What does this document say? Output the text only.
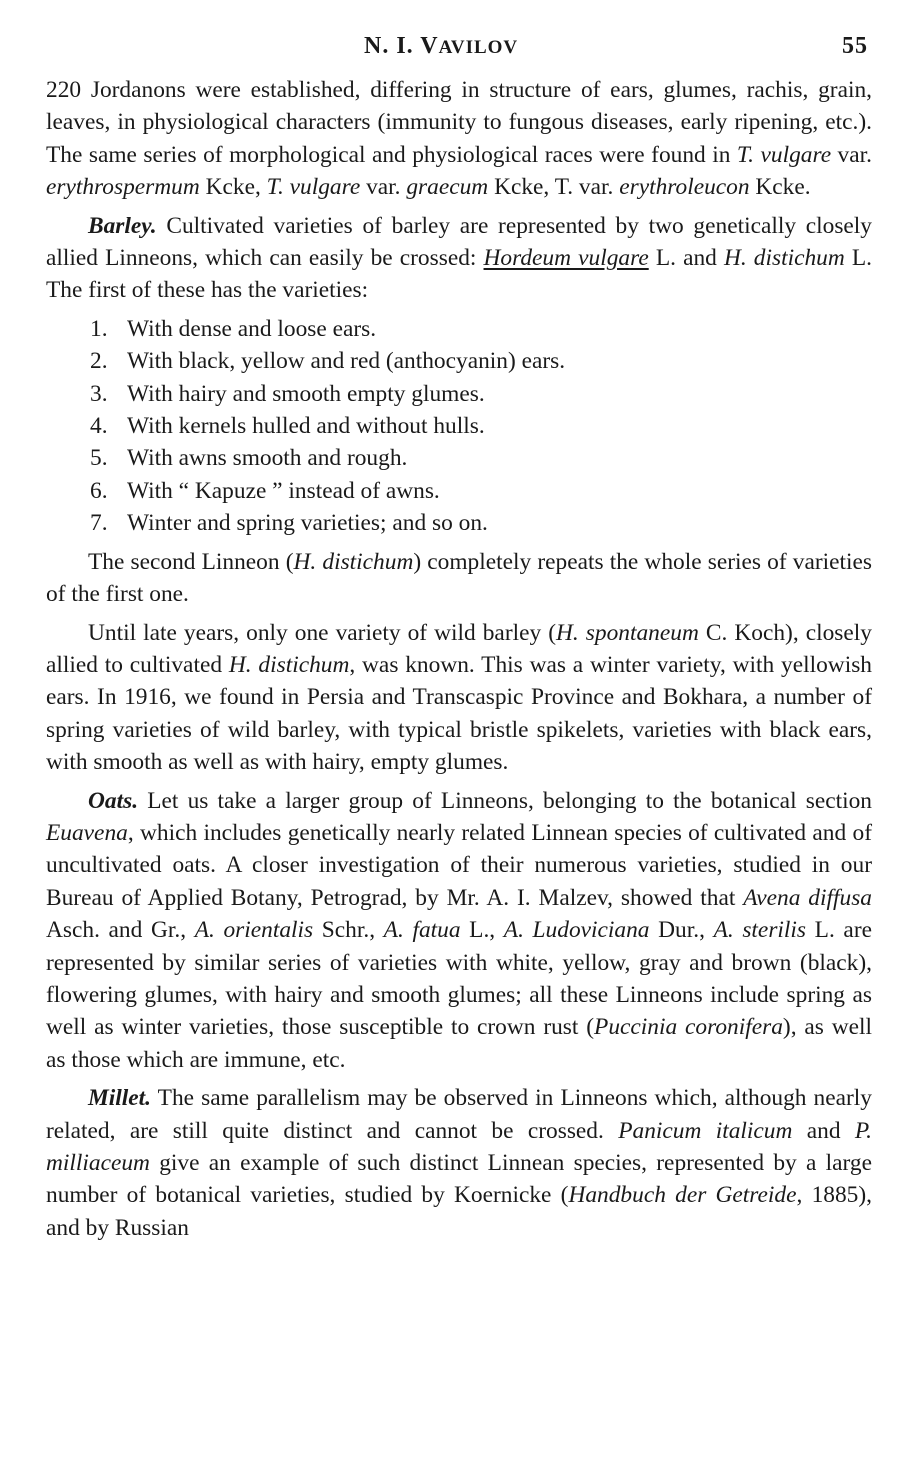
N. I. VAVILOV	55

220 Jordanons were established, differing in structure of ears, glumes, rachis, grain, leaves, in physiological characters (immunity to fungous diseases, early ripening, etc.). The same series of morphological and physiological races were found in T. vulgare var. erythrospermum Kcke, T. vulgare var. graecum Kcke, T. var. erythroleucon Kcke.

Barley. Cultivated varieties of barley are represented by two genetically closely allied Linneons, which can easily be crossed: Hordeum vulgare L. and H. distichum L. The first of these has the varieties:

1. With dense and loose ears.
2. With black, yellow and red (anthocyanin) ears.
3. With hairy and smooth empty glumes.
4. With kernels hulled and without hulls.
5. With awns smooth and rough.
6. With “ Kapuze ” instead of awns.
7. Winter and spring varieties; and so on.

The second Linneon (H. distichum) completely repeats the whole series of varieties of the first one.

Until late years, only one variety of wild barley (H. spontaneum C. Koch), closely allied to cultivated H. distichum, was known. This was a winter variety, with yellowish ears. In 1916, we found in Persia and Transcaspic Province and Bokhara, a number of spring varieties of wild barley, with typical bristle spikelets, varieties with black ears, with smooth as well as with hairy, empty glumes.

Oats. Let us take a larger group of Linneons, belonging to the botanical section Euavena, which includes genetically nearly related Linnean species of cultivated and of uncultivated oats. A closer investigation of their numerous varieties, studied in our Bureau of Applied Botany, Petrograd, by Mr. A. I. Malzev, showed that Avena diffusa Asch. and Gr., A. orientalis Schr., A. fatua L., A. Ludoviciana Dur., A. sterilis L. are represented by similar series of varieties with white, yellow, gray and brown (black), flowering glumes, with hairy and smooth glumes; all these Linneons include spring as well as winter varieties, those susceptible to crown rust (Puccinia coronifera), as well as those which are immune, etc.

Millet. The same parallelism may be observed in Linneons which, although nearly related, are still quite distinct and cannot be crossed. Panicum italicum and P. milliaceum give an example of such distinct Linnean species, represented by a large number of botanical varieties, studied by Koernicke (Handbuch der Getreide, 1885), and by Russian
